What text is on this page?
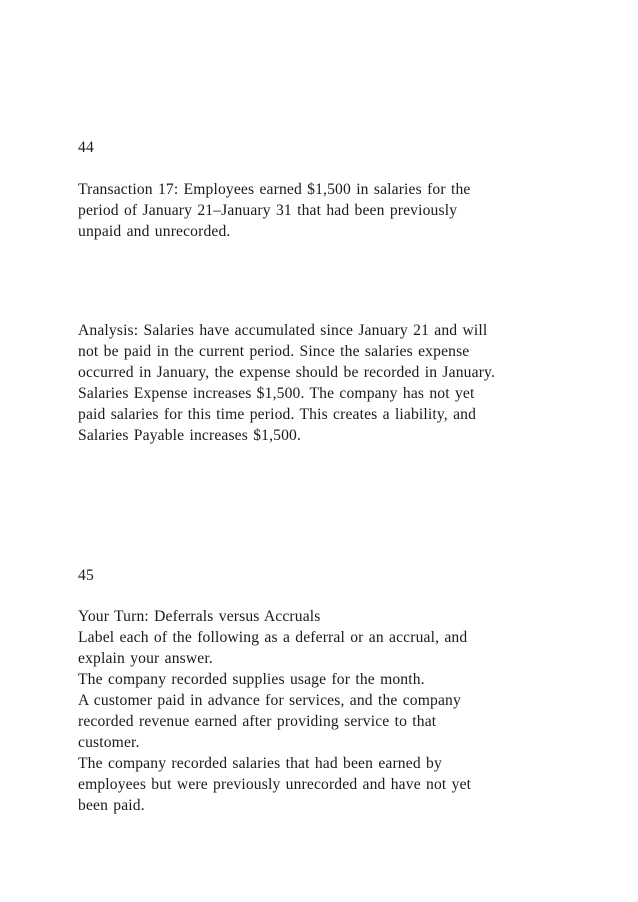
44
Transaction 17: Employees earned $1,500 in salaries for the
period of January 21–January 31 that had been previously
unpaid and unrecorded.
Analysis: Salaries have accumulated since January 21 and will
not be paid in the current period. Since the salaries expense
occurred in January, the expense should be recorded in January.
Salaries Expense increases $1,500. The company has not yet
paid salaries for this time period. This creates a liability, and
Salaries Payable increases $1,500.
45
Your Turn: Deferrals versus Accruals
Label each of the following as a deferral or an accrual, and
explain your answer.
The company recorded supplies usage for the month.
A customer paid in advance for services, and the company
recorded revenue earned after providing service to that
customer.
The company recorded salaries that had been earned by
employees but were previously unrecorded and have not yet
been paid.
